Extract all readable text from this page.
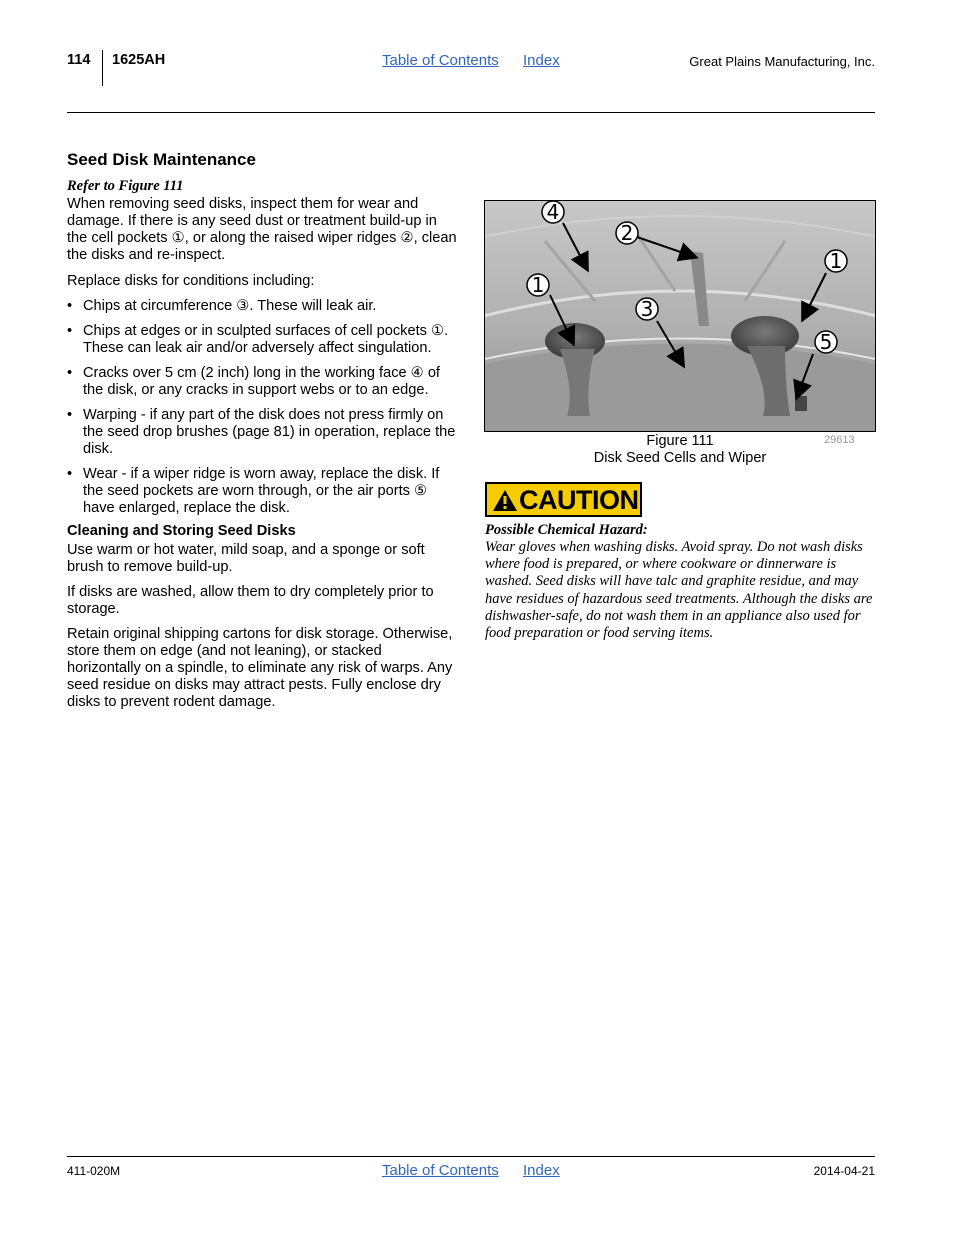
114 1625AH	Table of Contents Index	Great Plains Manufacturing, Inc.
Seed Disk Maintenance
Refer to Figure 111

When removing seed disks, inspect them for wear and damage. If there is any seed dust or treatment build-up in the cell pockets ①, or along the raised wiper ridges ②, clean the disks and re-inspect.

Replace disks for conditions including:

• Chips at circumference ③. These will leak air.
• Chips at edges or in sculpted surfaces of cell pockets ①. These can leak air and/or adversely affect singulation.
• Cracks over 5 cm (2 inch) long in the working face ④ of the disk, or any cracks in support webs or to an edge.
• Warping - if any part of the disk does not press firmly on the seed drop brushes (page 81) in operation, replace the disk.
• Wear - if a wiper ridge is worn away, replace the disk. If the seed pockets are worn through, or the air ports ⑤ have enlarged, replace the disk.
Cleaning and Storing Seed Disks

Use warm or hot water, mild soap, and a sponge or soft brush to remove build-up.

If disks are washed, allow them to dry completely prior to storage.

Retain original shipping cartons for disk storage. Otherwise, store them on edge (and not leaning), or stacked horizontally on a spindle, to eliminate any risk of warps. Any seed residue on disks may attract pests. Fully enclose dry disks to prevent rodent damage.

4
2
1
1
3
5
Figure 111	29613
Disk Seed Cells and Wiper
CAUTION
Possible Chemical Hazard:
Wear gloves when washing disks. Avoid spray. Do not wash disks where food is prepared, or where cookware or dinnerware is washed. Seed disks will have talc and graphite residue, and may have residues of hazardous seed treatments. Although the disks are dishwasher-safe, do not wash them in an appliance also used for food preparation or food serving items.
411-020M	Table of Contents Index	2014-04-21
